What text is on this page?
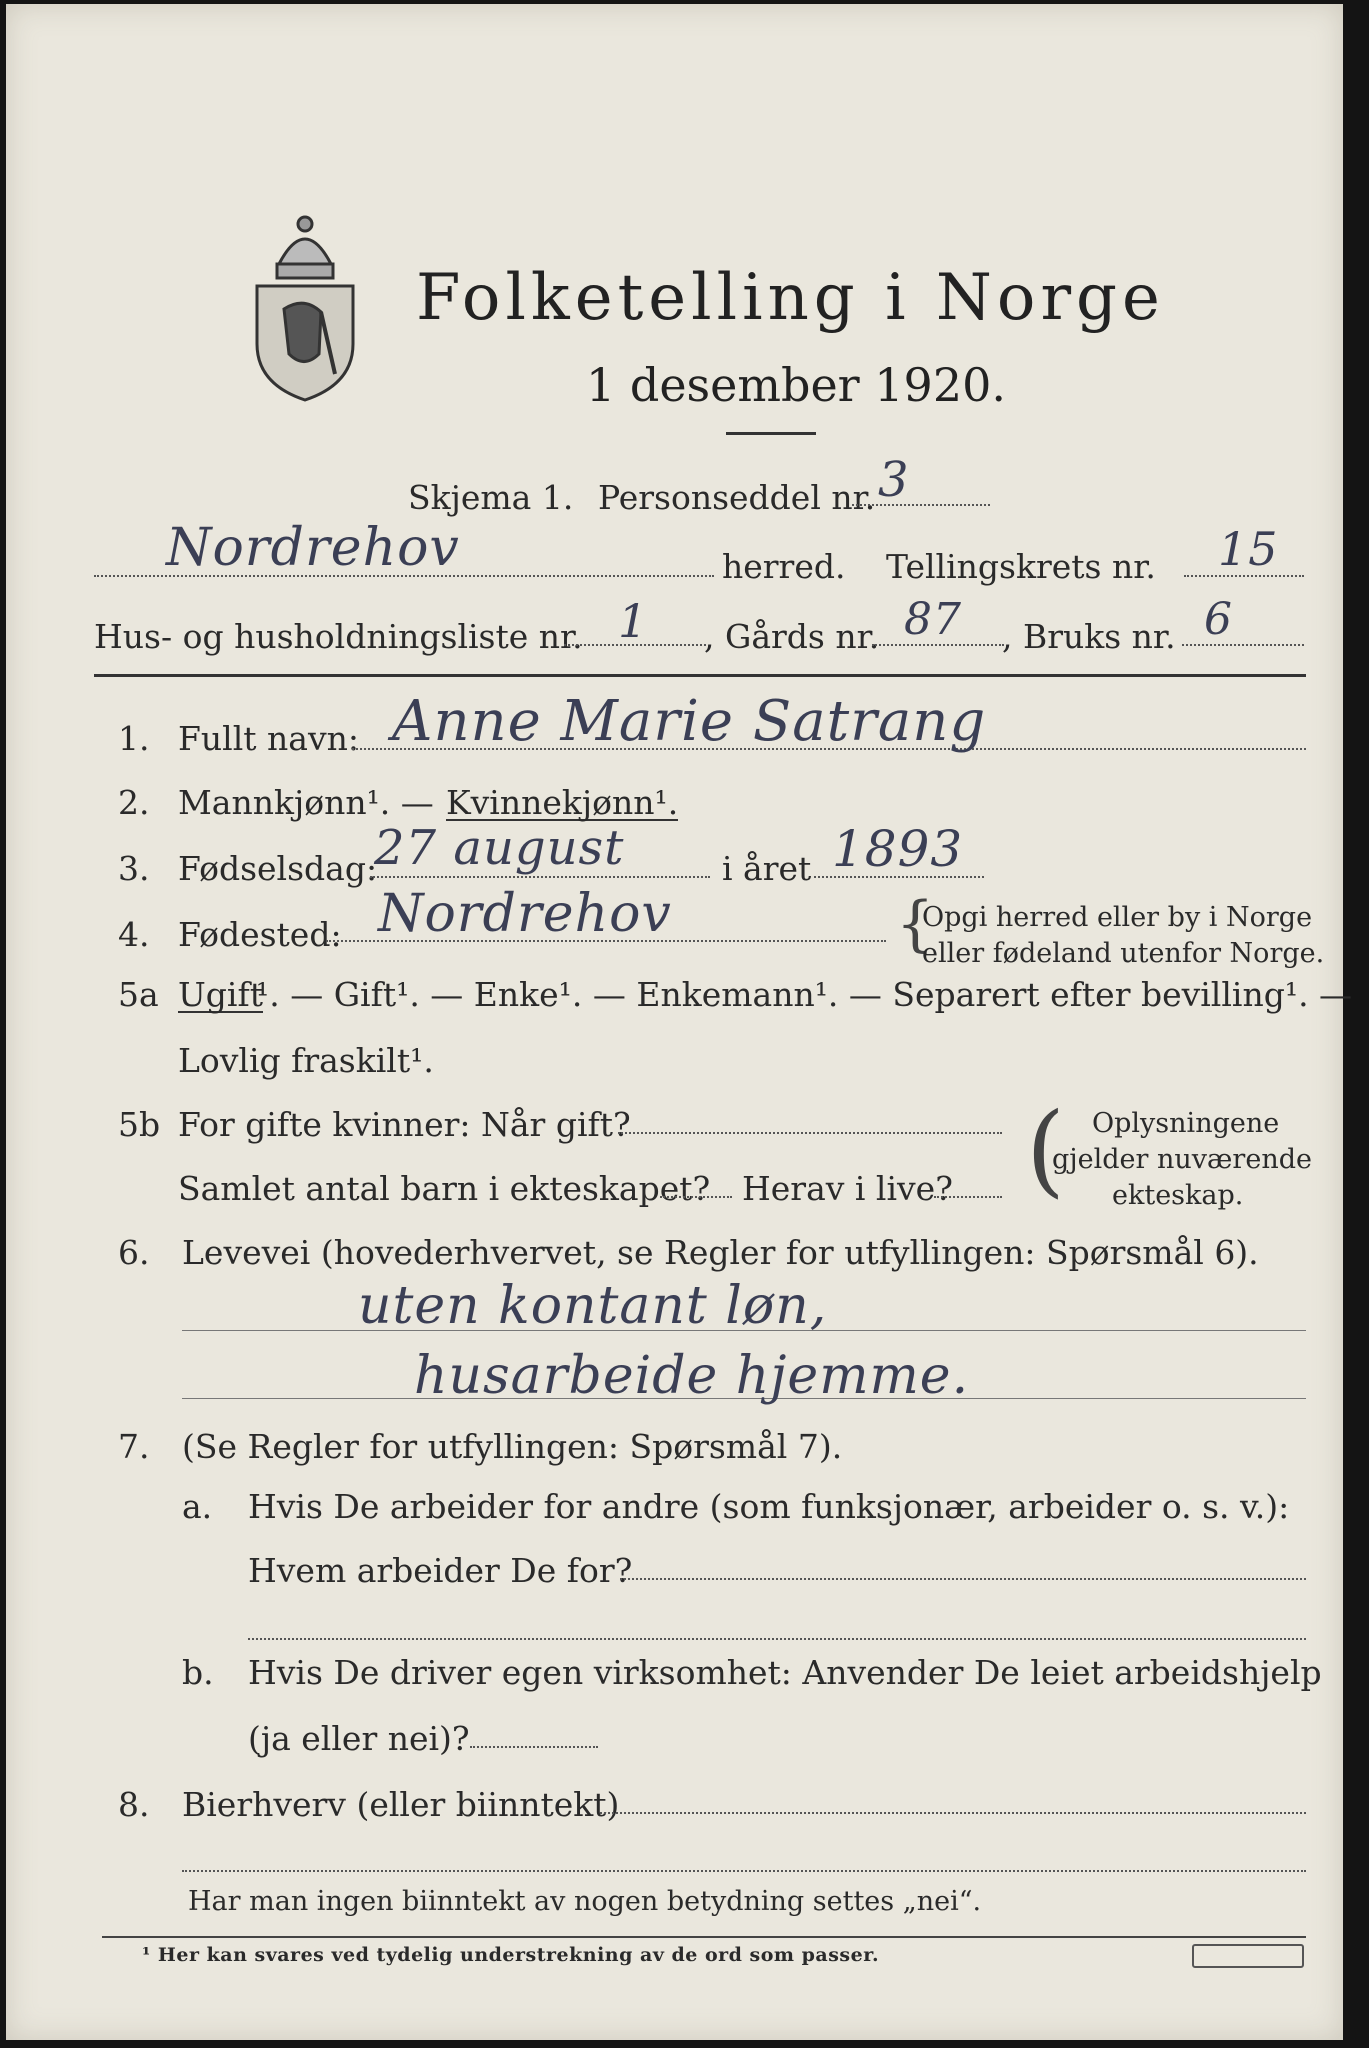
Folketelling i Norge
1 desember 1920.
Skjema 1. Personseddel nr. 3
Nordrehov	herred. Tellingskrets nr. 15
Hus- og husholdningsliste nr. 1 , Gårds nr. 87 , Bruks nr. 6
1. Fullt navn: Anne Marie Satrang
2. Mannkjønn¹. — Kvinnekjønn¹.
3. Fødselsdag:
27 august	i året 1893
4. Fødested: Nordrehov	{
Opgi herred eller by i Norge
eller fødeland utenfor Norge.
5a Ugift
¹. — Gift¹. — Enke¹. — Enkemann¹. — Separert efter bevilling¹. —
Lovlig fraskilt¹.
5b For gifte kvinner: Når gift?
Samlet antal barn i ekteskapet? Herav i live? ( Oplysningene
gjelder nuværende
ekteskap.
6. Levevei (hovederhvervet, se Regler for utfyllingen: Spørsmål 6).
uten kontant løn,
husarbeide hjemme.
7. (Se Regler for utfyllingen: Spørsmål 7).
a. Hvis De arbeider for andre (som funksjonær, arbeider o. s. v.):
Hvem arbeider De for?
b. Hvis De driver egen virksomhet: Anvender De leiet arbeidshjelp
(ja eller nei)?
8. Bierhverv (eller biinntekt)
Har man ingen biinntekt av nogen betydning settes „nei“.
¹ Her kan svares ved tydelig understrekning av de ord som passer.
